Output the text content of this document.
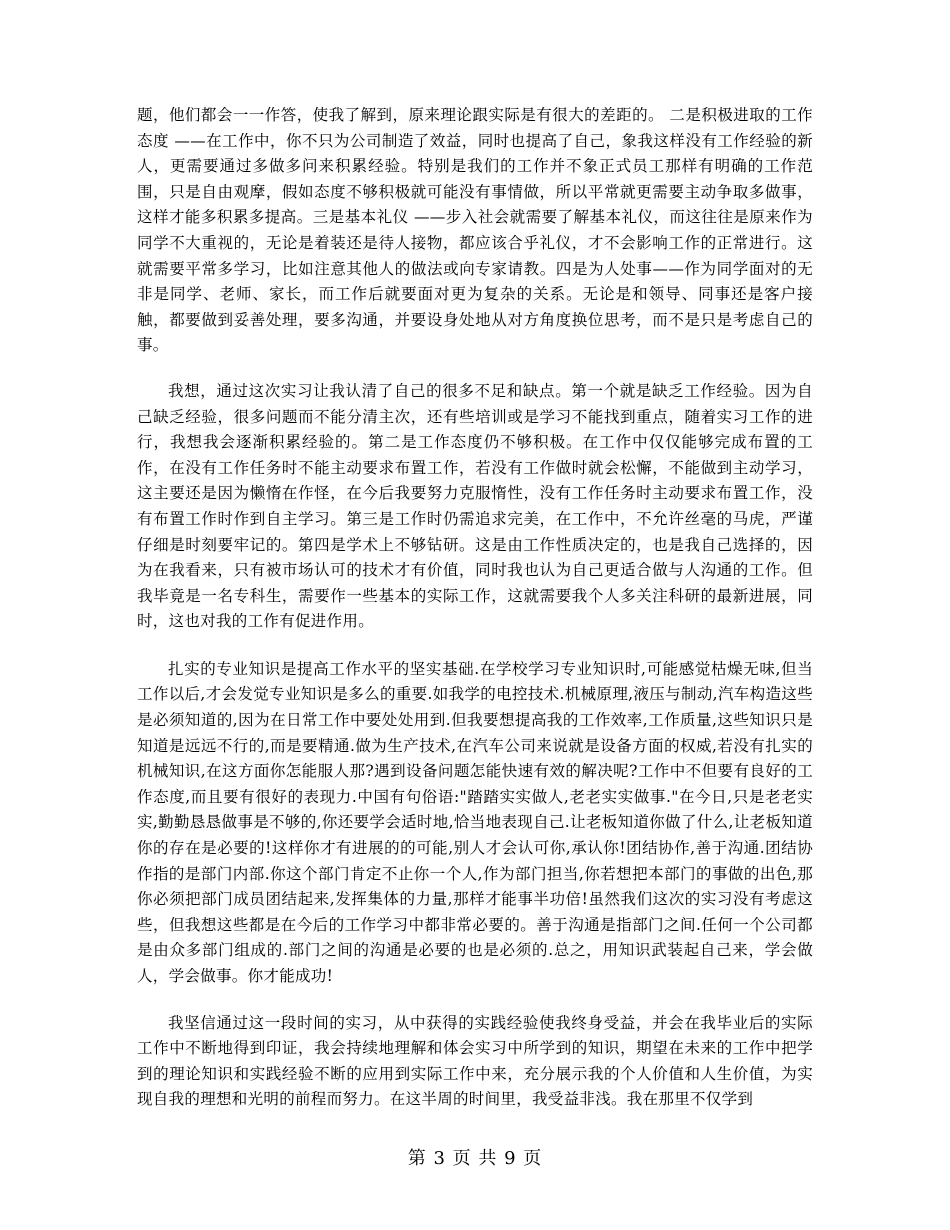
题，他们都会一一作答，使我了解到，原来理论跟实际是有很大的差距的。 二是积极进取的工作态度 ——在工作中，你不只为公司制造了效益，同时也提高了自己，象我这样没有工作经验的新人，更需要通过多做多问来积累经验。特别是我们的工作并不象正式员工那样有明确的工作范围，只是自由观摩，假如态度不够积极就可能没有事情做，所以平常就更需要主动争取多做事，这样才能多积累多提高。三是基本礼仪 ——步入社会就需要了解基本礼仪，而这往往是原来作为同学不大重视的，无论是着装还是待人接物，都应该合乎礼仪，才不会影响工作的正常进行。这就需要平常多学习，比如注意其他人的做法或向专家请教。四是为人处事——作为同学面对的无非是同学、老师、家长，而工作后就要面对更为复杂的关系。无论是和领导、同事还是客户接触，都要做到妥善处理，要多沟通，并要设身处地从对方角度换位思考，而不是只是考虑自己的事。

我想，通过这次实习让我认清了自己的很多不足和缺点。第一个就是缺乏工作经验。因为自己缺乏经验，很多问题而不能分清主次，还有些培训或是学习不能找到重点，随着实习工作的进行，我想我会逐渐积累经验的。第二是工作态度仍不够积极。在工作中仅仅能够完成布置的工作，在没有工作任务时不能主动要求布置工作，若没有工作做时就会松懈，不能做到主动学习，这主要还是因为懒惰在作怪，在今后我要努力克服惰性，没有工作任务时主动要求布置工作，没有布置工作时作到自主学习。第三是工作时仍需追求完美，在工作中，不允许丝毫的马虎，严谨仔细是时刻要牢记的。第四是学术上不够钻研。这是由工作性质决定的，也是我自己选择的，因为在我看来，只有被市场认可的技术才有价值，同时我也认为自己更适合做与人沟通的工作。但我毕竟是一名专科生，需要作一些基本的实际工作，这就需要我个人多关注科研的最新进展，同时，这也对我的工作有促进作用。

扎实的专业知识是提高工作水平的坚实基础.在学校学习专业知识时,可能感觉枯燥无味,但当工作以后,才会发觉专业知识是多么的重要.如我学的电控技术.机械原理,液压与制动,汽车构造这些是必须知道的,因为在日常工作中要处处用到.但我要想提高我的工作效率,工作质量,这些知识只是知道是远远不行的,而是要精通.做为生产技术,在汽车公司来说就是设备方面的权威,若没有扎实的机械知识,在这方面你怎能服人那?遇到设备问题怎能快速有效的解决呢?工作中不但要有良好的工作态度,而且要有很好的表现力.中国有句俗语:"踏踏实实做人,老老实实做事."在今日,只是老老实实,勤勤恳恳做事是不够的,你还要学会适时地,恰当地表现自己.让老板知道你做了什么,让老板知道你的存在是必要的!这样你才有进展的的可能,别人才会认可你,承认你!团结协作,善于沟通.团结协作指的是部门内部.你这个部门肯定不止你一个人,作为部门担当,你若想把本部门的事做的出色,那你必须把部门成员团结起来,发挥集体的力量,那样才能事半功倍!虽然我们这次的实习没有考虑这些，但我想这些都是在今后的工作学习中都非常必要的。善于沟通是指部门之间.任何一个公司都是由众多部门组成的.部门之间的沟通是必要的也是必须的.总之，用知识武装起自己来，学会做人，学会做事。你才能成功!

我坚信通过这一段时间的实习，从中获得的实践经验使我终身受益，并会在我毕业后的实际工作中不断地得到印证，我会持续地理解和体会实习中所学到的知识，期望在未来的工作中把学到的理论知识和实践经验不断的应用到实际工作中来，充分展示我的个人价值和人生价值，为实现自我的理想和光明的前程而努力。在这半周的时间里，我受益非浅。我在那里不仅学到

第 3 页 共 9 页
